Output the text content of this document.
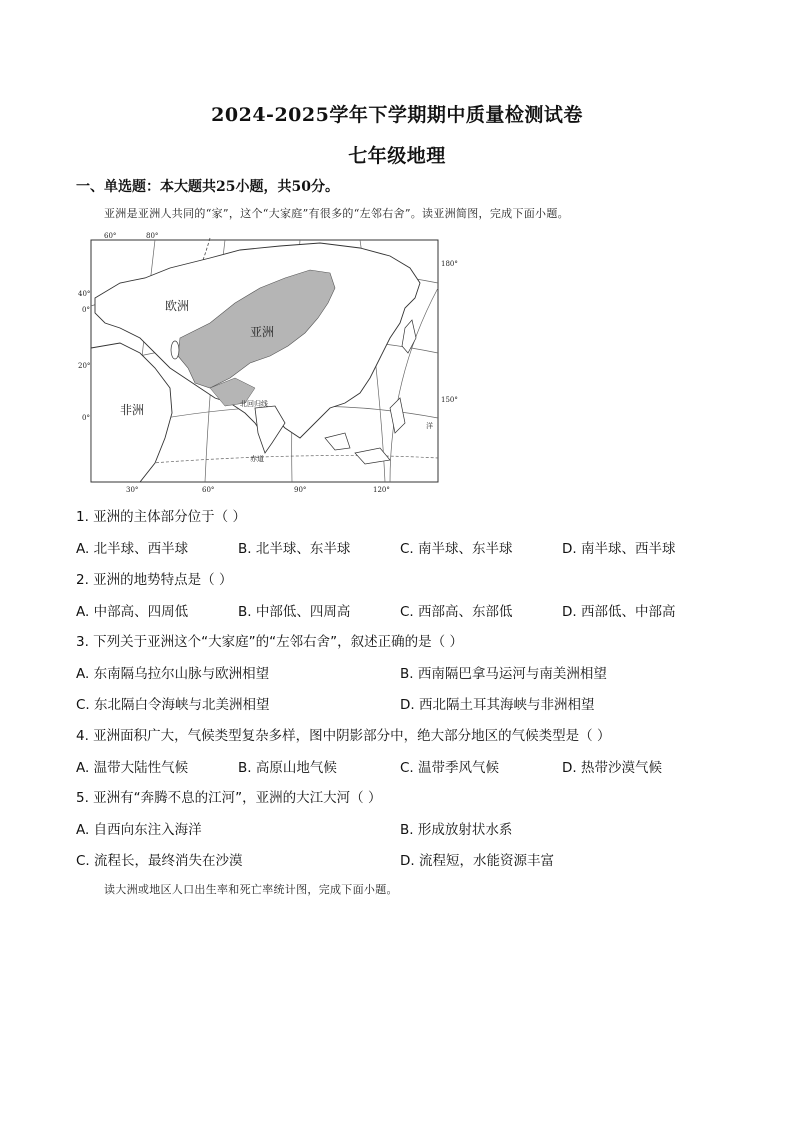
2024-2025学年下学期期中质量检测试卷
七年级地理
一、单选题：本大题共25小题，共50分。
亚洲是亚洲人共同的“家”，这个“大家庭”有很多的“左邻右舍”。读亚洲简图，完成下面小题。
欧洲
亚洲
非洲	北回归线
赤道
洋
60°	80°
30°	60°	90°	120°
40°
0°
20°
0°
180°
150°
1. 亚洲的主体部分位于（ ）
A. 北半球、西半球	B. 北半球、东半球	C. 南半球、东半球	D. 南半球、西半球
2. 亚洲的地势特点是（ ）
A. 中部高、四周低	B. 中部低、四周高	C. 西部高、东部低	D. 西部低、中部高
3. 下列关于亚洲这个“大家庭”的“左邻右舍”，叙述正确的是（ ）
A. 东南隔乌拉尔山脉与欧洲相望	B. 西南隔巴拿马运河与南美洲相望
C. 东北隔白令海峡与北美洲相望	D. 西北隔土耳其海峡与非洲相望
4. 亚洲面积广大，气候类型复杂多样，图中阴影部分中，绝大部分地区的气候类型是（ ）
A. 温带大陆性气候	B. 高原山地气候	C. 温带季风气候	D. 热带沙漠气候
5. 亚洲有“奔腾不息的江河”，亚洲的大江大河（ ）
A. 自西向东注入海洋	B. 形成放射状水系
C. 流程长，最终消失在沙漠	D. 流程短，水能资源丰富
读大洲或地区人口出生率和死亡率统计图，完成下面小题。
